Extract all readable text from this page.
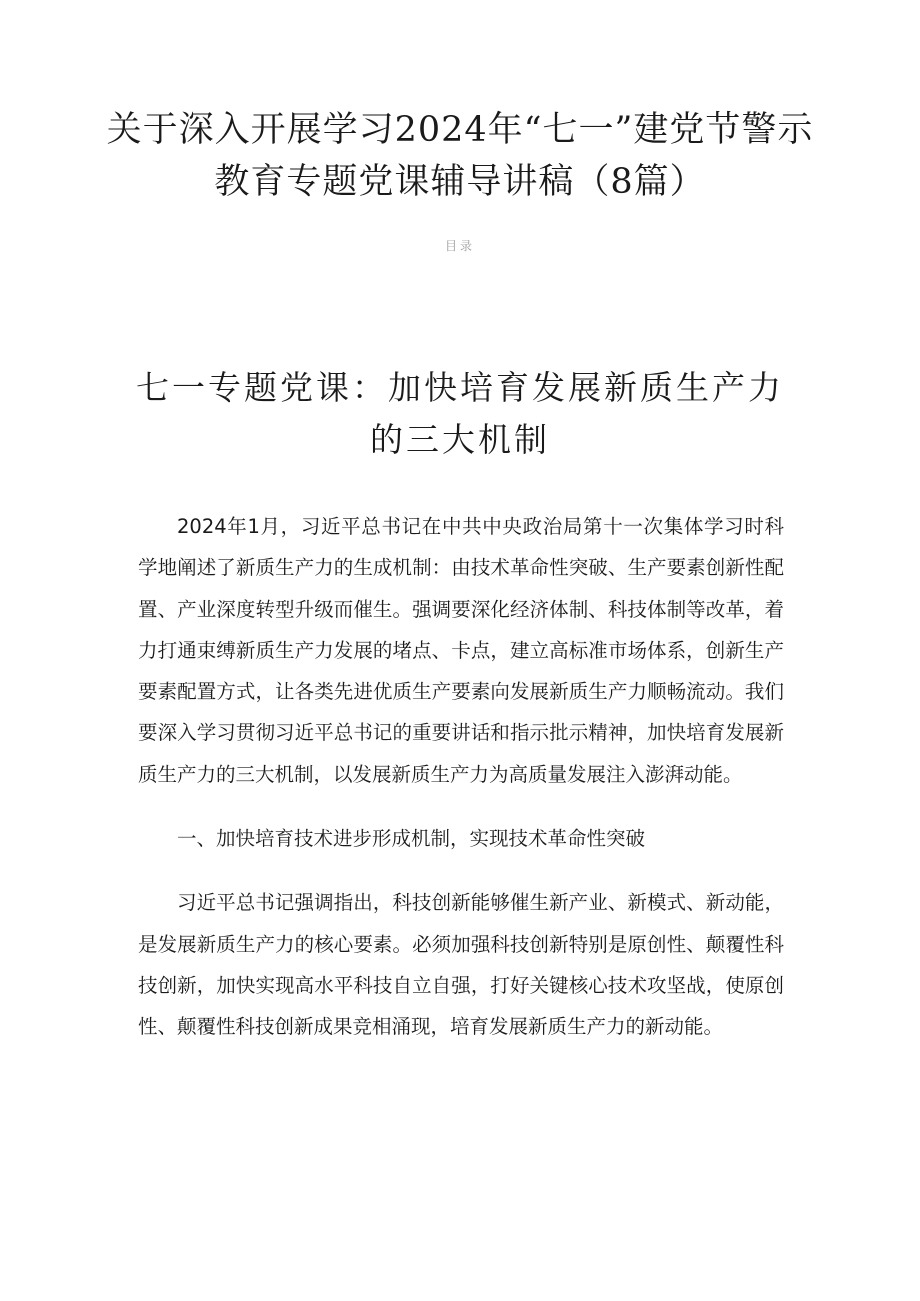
关于深入开展学习2024年“七一”建党节警示教育专题党课辅导讲稿（8篇）
目录
七一专题党课：加快培育发展新质生产力的三大机制

2024年1月，习近平总书记在中共中央政治局第十一次集体学习时科学地阐述了新质生产力的生成机制：由技术革命性突破、生产要素创新性配置、产业深度转型升级而催生。强调要深化经济体制、科技体制等改革，着力打通束缚新质生产力发展的堵点、卡点，建立高标准市场体系，创新生产要素配置方式，让各类先进优质生产要素向发展新质生产力顺畅流动。我们要深入学习贯彻习近平总书记的重要讲话和指示批示精神，加快培育发展新质生产力的三大机制，以发展新质生产力为高质量发展注入澎湃动能。

一、加快培育技术进步形成机制，实现技术革命性突破

习近平总书记强调指出，科技创新能够催生新产业、新模式、新动能，是发展新质生产力的核心要素。必须加强科技创新特别是原创性、颠覆性科技创新，加快实现高水平科技自立自强，打好关键核心技术攻坚战，使原创性、颠覆性科技创新成果竞相涌现，培育发展新质生产力的新动能。
